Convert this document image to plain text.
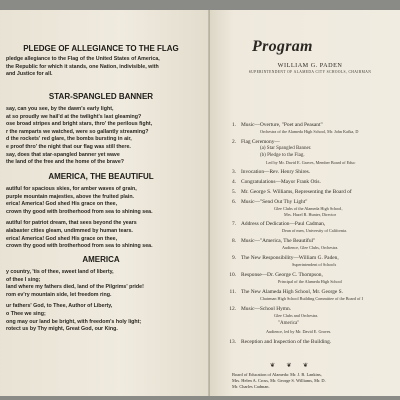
PLEDGE OF ALLEGIANCE TO THE FLAG
pledge allegiance to the Flag of the United States of America,
the Republic for which it stands, one Nation, indivisible, with
and Justice for all.
STAR-SPANGLED BANNER
say, can you see, by the dawn's early light,
at so proudly we hail'd at the twilight's last gleaming?
ose broad stripes and bright stars, thro' the perilous fight,
r the ramparts we watched, were so gallantly streaming?
d the rockets' red glare, the bombs bursting in air,
e proof thro' the night that our flag was still there.
say, does that star-spangled banner yet wave
the land of the free and the home of the brave?
AMERICA, THE BEAUTIFUL
autiful for spacious skies, for amber waves of grain,
purple mountain majesties, above the fruited plain.
erica! America! God shed His grace on thee,
crown thy good with brotherhood from sea to shining sea.
autiful for patriot dream, that sees beyond the years
alabaster cities gleam, undimmed by human tears.
erica! America! God shed His grace on thee,
crown thy good with brotherhood from sea to shining sea.
AMERICA
y country, 'tis of thee, sweet land of liberty,
of thee I sing;
land where my fathers died, land of the Pilgrims' pride!
rom ev'ry mountain side, let freedom ring.
ur fathers' God, to Thee, Author of Liberty,
o Thee we sing;
ong may our land be bright, with freedom's holy light;
rotect us by Thy might, Great God, our King.
Program
WILLIAM G. PADEN
SUPERINTENDENT OF ALAMEDA CITY SCHOOLS, CHAIRMAN
1. Music—Overture, "Poet and Peasant"
Orchestra of the Alameda High School, Mr. John Kafka, D
2. Flag Ceremony—
(a) Star Spangled Banner.
(b) Pledge to the Flag.
Led by Mr. David E. Graves, Member Board of Educ
3. Invocation—Rev. Henry Shires.
4. Congratulations—Mayor Frank Otis.
5. Mr. George S. Williams, Representing the Board of
6. Music—"Send Out Thy Light"
Glee Clubs of the Alameda High School,
Mrs. Hazel R. Hunter, Director
7. Address of Dedication—Paul Cadman,
Dean of men, University of California.
8. Music—"America, The Beautiful"
Audience, Glee Clubs, Orchestra.
9. The New Responsibility—William G. Paden,
Superintendent of Schools
10. Response—Dr. George C. Thompson,
Principal of the Alameda High School
11. The New Alameda High School, Mr. George S.
Chairman High School Building Committee of the Board of I
12. Music—School Hymn.
Glee Clubs and Orchestra.
"America"
Audience, led by Mr. David E. Graves.
13. Reception and Inspection of the Building.
❦ ❦ ❦
Board of Education of Alameda: Mr. J. B. Lankins,
Mrs. Helen A. Cross, Mr. George S. Williams, Mr. D.
Mr. Charles Cadman.
